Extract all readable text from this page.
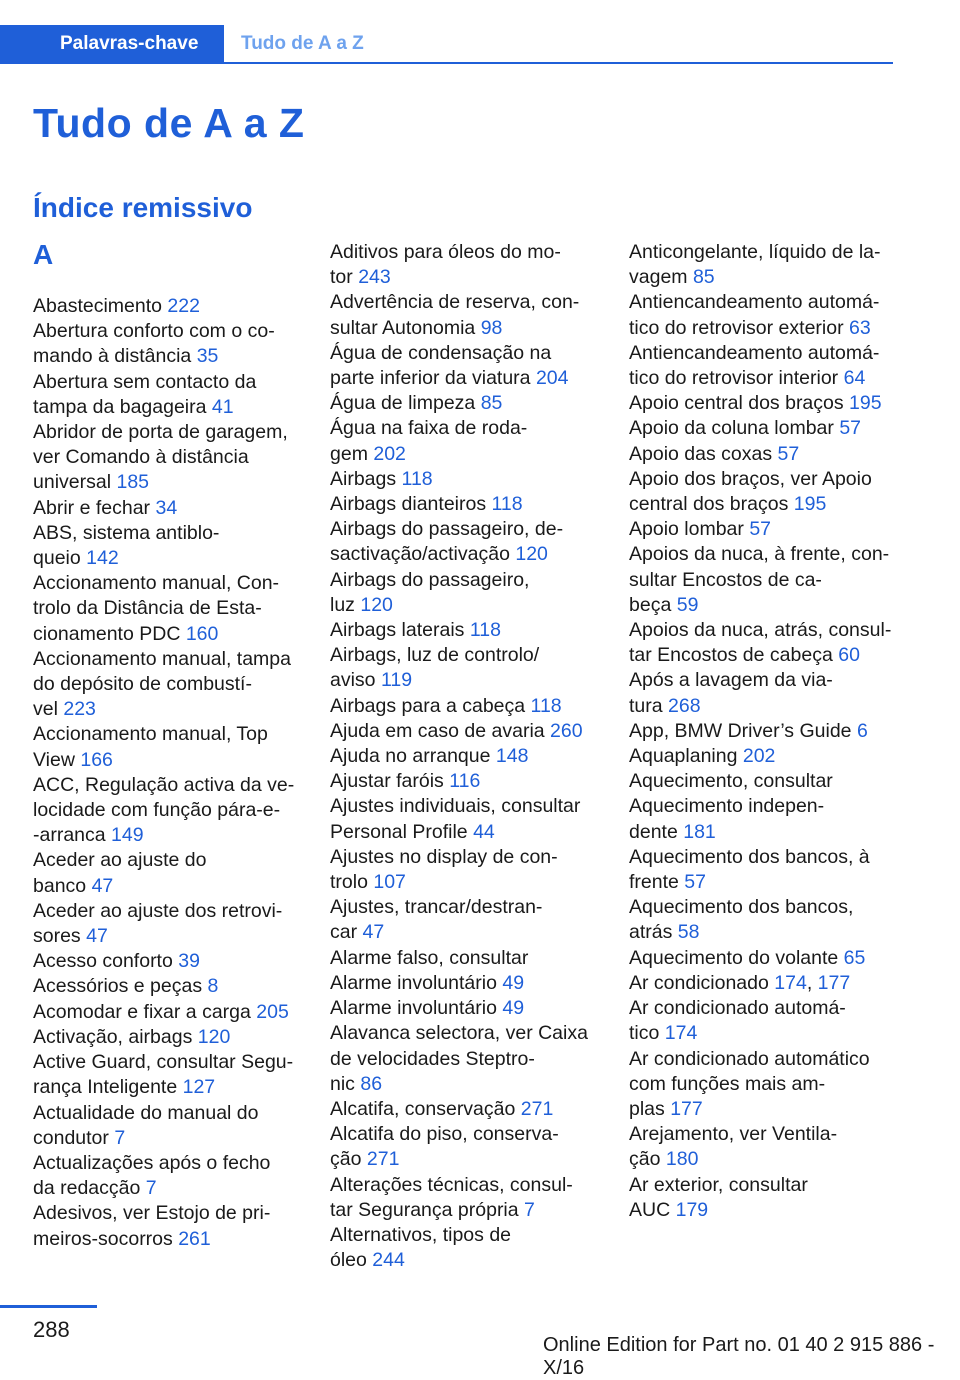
Palavras-chave	Tudo de A a Z
Tudo de A a Z
Índice remissivo
A
Abastecimento 222
Abertura conforto com o co-
mando à distância 35
Abertura sem contacto da
tampa da bagageira 41
Abridor de porta de garagem,
ver Comando à distância
universal 185
Abrir e fechar 34
ABS, sistema antiblo-
queio 142
Accionamento manual, Con-
trolo da Distância de Esta-
cionamento PDC 160
Accionamento manual, tampa
do depósito de combustí-
vel 223
Accionamento manual, Top
View 166
ACC, Regulação activa da ve-
locidade com função pára-e-
-arranca 149
Aceder ao ajuste do
banco 47
Aceder ao ajuste dos retrovi-
sores 47
Acesso conforto 39
Acessórios e peças 8
Acomodar e fixar a carga 205
Activação, airbags 120
Active Guard, consultar Segu-
rança Inteligente 127
Actualidade do manual do
condutor 7
Actualizações após o fecho
da redacção 7
Adesivos, ver Estojo de pri-
meiros-socorros 261
Aditivos para óleos do mo-
tor 243
Advertência de reserva, con-
sultar Autonomia 98
Água de condensação na
parte inferior da viatura 204
Água de limpeza 85
Água na faixa de roda-
gem 202
Airbags 118
Airbags dianteiros 118
Airbags do passageiro, de-
sactivação/activação 120
Airbags do passageiro,
luz 120
Airbags laterais 118
Airbags, luz de controlo/
aviso 119
Airbags para a cabeça 118
Ajuda em caso de avaria 260
Ajuda no arranque 148
Ajustar faróis 116
Ajustes individuais, consultar
Personal Profile 44
Ajustes no display de con-
trolo 107
Ajustes, trancar/destran-
car 47
Alarme falso, consultar
Alarme involuntário 49
Alarme involuntário 49
Alavanca selectora, ver Caixa
de velocidades Steptro-
nic 86
Alcatifa, conservação 271
Alcatifa do piso, conserva-
ção 271
Alterações técnicas, consul-
tar Segurança própria 7
Alternativos, tipos de
óleo 244
Anticongelante, líquido de la-
vagem 85
Antiencandeamento automá-
tico do retrovisor exterior 63
Antiencandeamento automá-
tico do retrovisor interior 64
Apoio central dos braços 195
Apoio da coluna lombar 57
Apoio das coxas 57
Apoio dos braços, ver Apoio
central dos braços 195
Apoio lombar 57
Apoios da nuca, à frente, con-
sultar Encostos de ca-
beça 59
Apoios da nuca, atrás, consul-
tar Encostos de cabeça 60
Após a lavagem da via-
tura 268
App, BMW Driver’s Guide 6
Aquaplaning 202
Aquecimento, consultar
Aquecimento indepen-
dente 181
Aquecimento dos bancos, à
frente 57
Aquecimento dos bancos,
atrás 58
Aquecimento do volante 65
Ar condicionado 174, 177
Ar condicionado automá-
tico 174
Ar condicionado automático
com funções mais am-
plas 177
Arejamento, ver Ventila-
ção 180
Ar exterior, consultar
AUC 179
288
Online Edition for Part no. 01 40 2 915 886 - X/16
